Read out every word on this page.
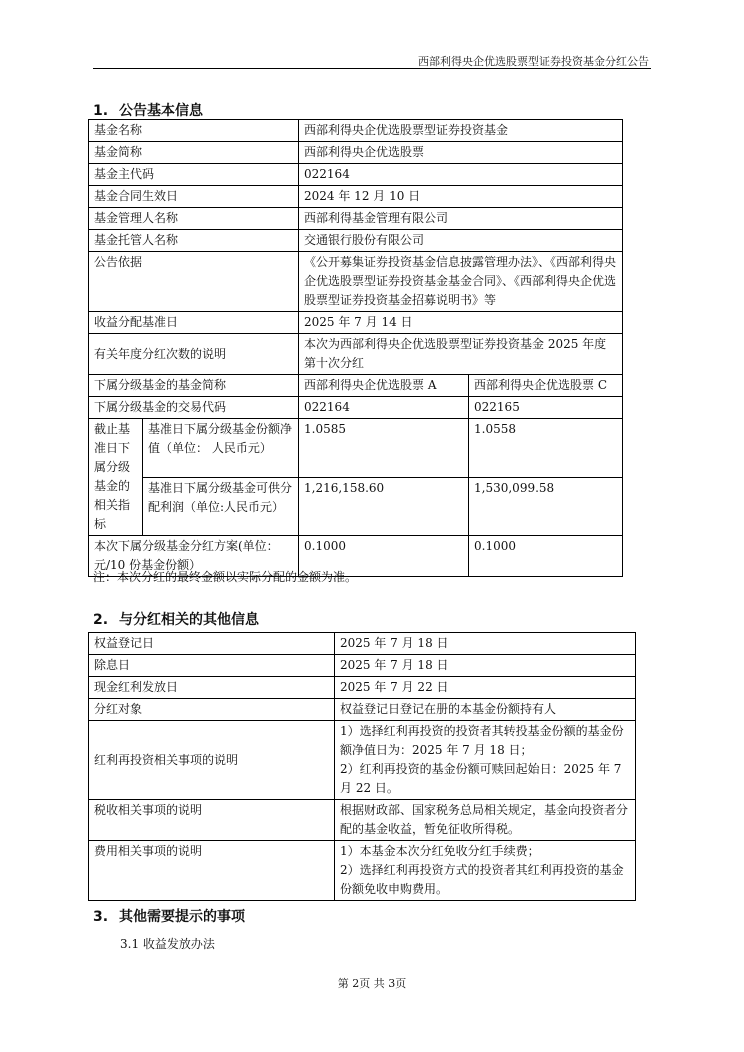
西部利得央企优选股票型证券投资基金分红公告
1. 公告基本信息
基金名称		西部利得央企优选股票型证券投资基金	
基金简称		西部利得央企优选股票	
基金主代码		022164	
基金合同生效日		2024 年 12 月 10 日	
基金管理人名称		西部利得基金管理有限公司	
基金托管人名称		交通银行股份有限公司	
公告依据		《公开募集证券投资基金信息披露管理办法》、《西部利得央企优选股票型证券投资基金基金合同》、《西部利得央企优选股票型证券投资基金招募说明书》等	
收益分配基准日		2025 年 7 月 14 日	
有关年度分红次数的说明		本次为西部利得央企优选股票型证券投资基金 2025 年度第十次分红	
下属分级基金的基金简称		西部利得央企优选股票 A	西部利得央企优选股票 C
下属分级基金的交易代码		022164	022165
截止基准日下属分级基金的相关指标	基准日下属分级基金份额净值（单位： 人民币元）	1.0585	1.0558
	基准日下属分级基金可供分配利润（单位:人民币元）	1,216,158.60	1,530,099.58
本次下属分级基金分红方案(单位：元/10 份基金份额）		0.1000	0.1000
注：本次分红的最终金额以实际分配的金额为准。
2. 与分红相关的其他信息
权益登记日	2025 年 7 月 18 日
除息日	2025 年 7 月 18 日
现金红利发放日	2025 年 7 月 22 日
分红对象	权益登记日登记在册的本基金份额持有人
红利再投资相关事项的说明	1）选择红利再投资的投资者其转投基金份额的基金份额净值日为：2025 年 7 月 18 日；
2）红利再投资的基金份额可赎回起始日：2025 年 7 月 22 日。

税收相关事项的说明	根据财政部、国家税务总局相关规定，基金向投资者分配的基金收益，暂免征收所得税。
费用相关事项的说明	1）本基金本次分红免收分红手续费；
2）选择红利再投资方式的投资者其红利再投资的基金份额免收申购费用。
3. 其他需要提示的事项
3.1 收益发放办法
第 2页 共 3页
